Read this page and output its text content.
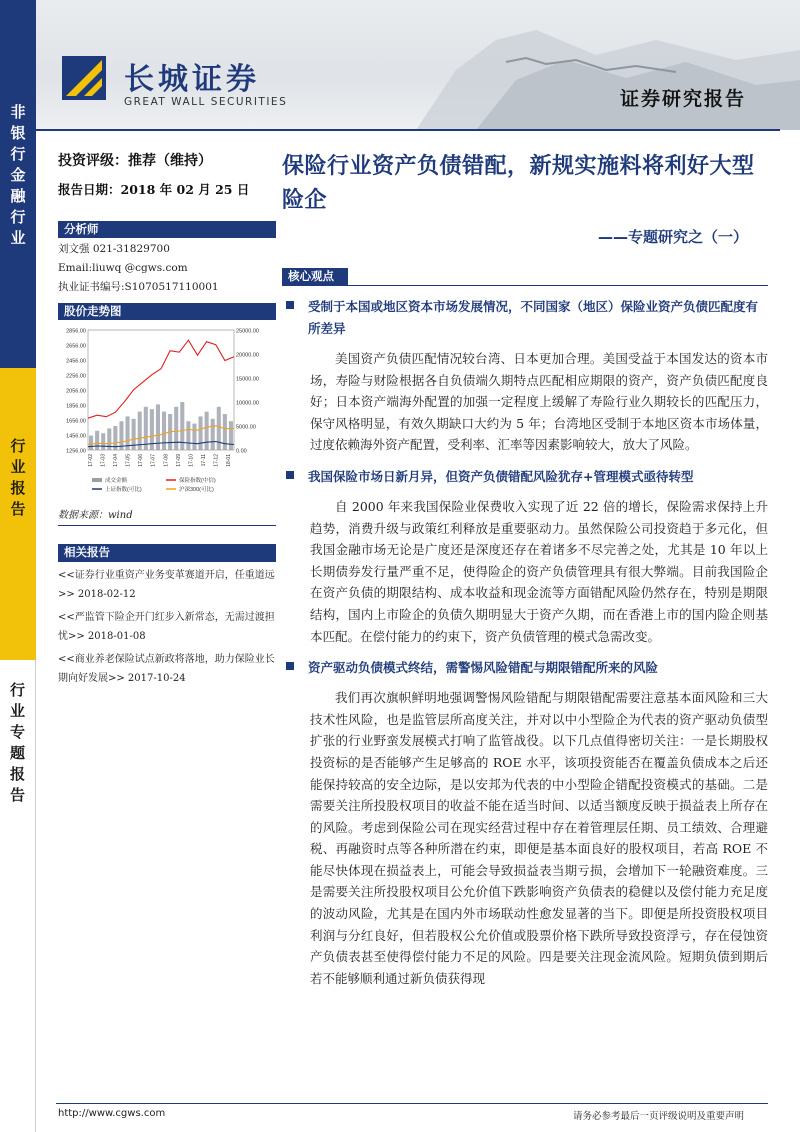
非银行金融行业
行业报告
行业专题报告
长城证券
GREAT WALL SECURITIES	证券研究报告
投资评级：推荐（维持）
报告日期：2018 年 02 月 25 日
分析师
刘文强 021-31829700
Email:liuwq @cgws.com
执业证书编号:S1070517110001
股价走势图
2856.00
2656.00
2456.00
2256.00
2056.00
1856.00
1656.00
1456.00
1256.00
25000.00
20000.00
15000.00
10000.00
5000.00
0.00
17-02 17-03 17-04 17-05 17-06 17-07 17-08 17-09 17-10 17-11 17-12 18-01
成交金额	保险指数(中信)
上证指数(可比)	沪深300(可比)
数据来源：wind
相关报告
<<证券行业重资产业务变革赛道开启，任重道远>> 2018-02-12
<<严监管下险企开门红步入新常态，无需过渡担忧>> 2018-01-08
<<商业养老保险试点新政将落地，助力保险业长期向好发展>> 2017-10-24
保险行业资产负债错配，新规实施料将利好大型险企
——专题研究之（一）
核心观点
受制于本国或地区资本市场发展情况，不同国家（地区）保险业资产负债匹配度有所差异

美国资产负债匹配情况较台湾、日本更加合理。美国受益于本国发达的资本市场，寿险与财险根据各自负债端久期特点匹配相应期限的资产，资产负债匹配度良好；日本资产端海外配置的加强一定程度上缓解了寿险行业久期较长的匹配压力，保守风格明显，有效久期缺口大约为 5 年；台湾地区受制于本地区资本市场体量，过度依赖海外资产配置，受利率、汇率等因素影响较大，放大了风险。

我国保险市场日新月异，但资产负债错配风险犹存+管理模式亟待转型

自 2000 年来我国保险业保费收入实现了近 22 倍的增长，保险需求保持上升趋势，消费升级与政策红利释放是重要驱动力。虽然保险公司投资趋于多元化，但我国金融市场无论是广度还是深度还存在着诸多不尽完善之处，尤其是 10 年以上长期债券发行量严重不足，使得险企的资产负债管理具有很大弊端。目前我国险企在资产负债的期限结构、成本收益和现金流等方面错配风险仍然存在，特别是期限结构，国内上市险企的负债久期明显大于资产久期，而在香港上市的国内险企则基本匹配。在偿付能力的约束下，资产负债管理的模式急需改变。

资产驱动负债模式终结，需警惕风险错配与期限错配所来的风险

我们再次旗帜鲜明地强调警惕风险错配与期限错配需要注意基本面风险和三大技术性风险，也是监管层所高度关注，并对以中小型险企为代表的资产驱动负债型扩张的行业野蛮发展模式打响了监管战役。以下几点值得密切关注：一是长期股权投资标的是否能够产生足够高的 ROE 水平，该项投资能否在覆盖负债成本之后还能保持较高的安全边际，是以安邦为代表的中小型险企错配投资模式的基础。二是需要关注所投股权项目的收益不能在适当时间、以适当额度反映于损益表上所存在的风险。考虑到保险公司在现实经营过程中存在着管理层任期、员工绩效、合理避税、再融资时点等各种所潜在约束，即便是基本面良好的股权项目，若高 ROE 不能尽快体现在损益表上，可能会导致损益表当期亏损，会增加下一轮融资难度。三是需要关注所投股权项目公允价值下跌影响资产负债表的稳健以及偿付能力充足度的波动风险，尤其是在国内外市场联动性愈发显著的当下。即便是所投资股权项目利润与分红良好，但若股权公允价值或股票价格下跌所导致投资浮亏，存在侵蚀资产负债表甚至使得偿付能力不足的风险。四是要关注现金流风险。短期负债到期后若不能够顺利通过新负债获得现

http://www.cgws.com	请务必参考最后一页评级说明及重要声明
